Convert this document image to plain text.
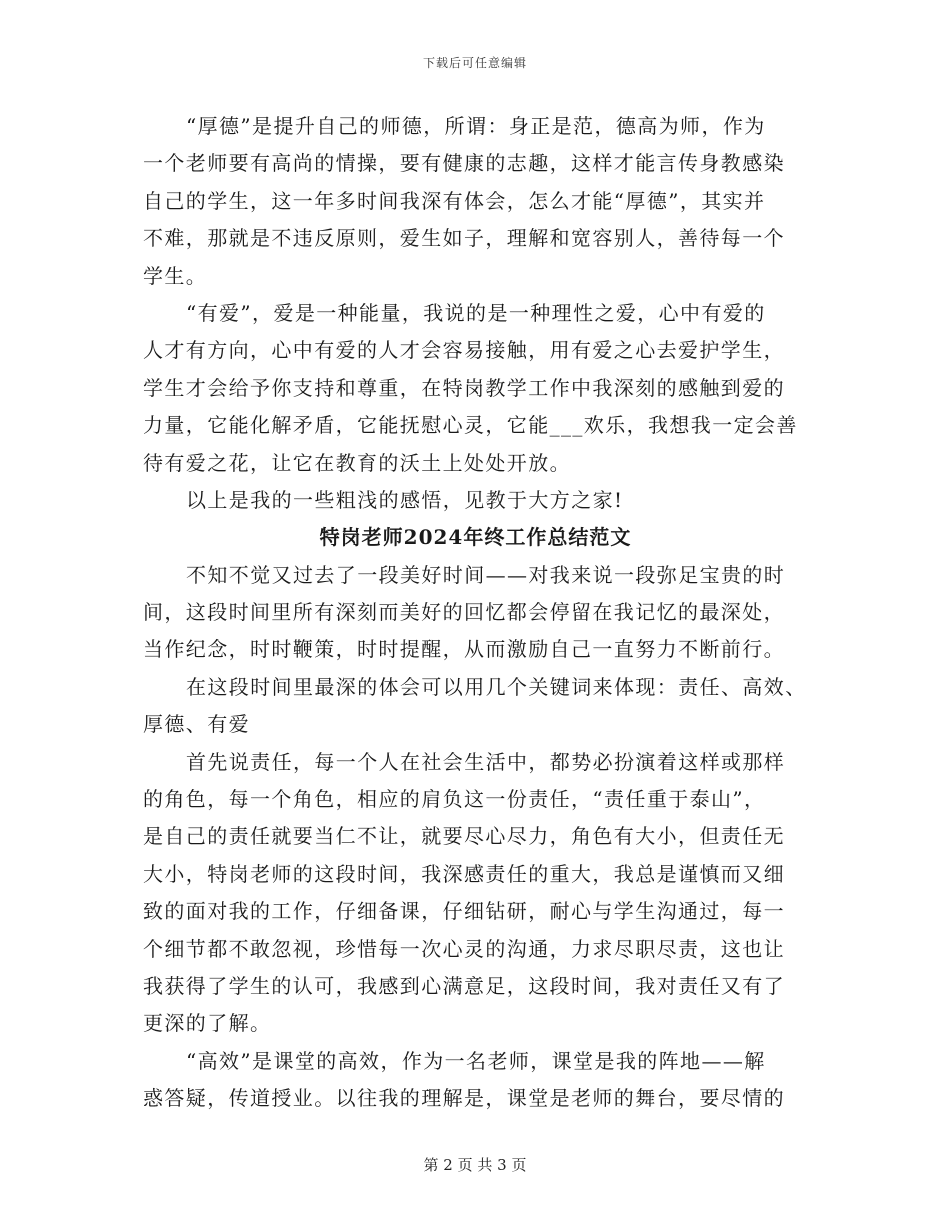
下载后可任意编辑
“厚德”是提升自己的师德，所谓：身正是范，德高为师，作为
一个老师要有高尚的情操，要有健康的志趣，这样才能言传身教感染
自己的学生，这一年多时间我深有体会，怎么才能“厚德”，其实并
不难，那就是不违反原则，爱生如子，理解和宽容别人，善待每一个
学生。
“有爱”，爱是一种能量，我说的是一种理性之爱，心中有爱的
人才有方向，心中有爱的人才会容易接触，用有爱之心去爱护学生，
学生才会给予你支持和尊重，在特岗教学工作中我深刻的感触到爱的
力量，它能化解矛盾，它能抚慰心灵，它能___欢乐，我想我一定会善
待有爱之花，让它在教育的沃土上处处开放。
以上是我的一些粗浅的感悟，见教于大方之家!
特岗老师2024年终工作总结范文
不知不觉又过去了一段美好时间——对我来说一段弥足宝贵的时
间，这段时间里所有深刻而美好的回忆都会停留在我记忆的最深处，
当作纪念，时时鞭策，时时提醒，从而激励自己一直努力不断前行。
在这段时间里最深的体会可以用几个关键词来体现：责任、高效、
厚德、有爱
首先说责任，每一个人在社会生活中，都势必扮演着这样或那样
的角色，每一个角色，相应的肩负这一份责任，“责任重于泰山”，
是自己的责任就要当仁不让，就要尽心尽力，角色有大小，但责任无
大小，特岗老师的这段时间，我深感责任的重大，我总是谨慎而又细
致的面对我的工作，仔细备课，仔细钻研，耐心与学生沟通过，每一
个细节都不敢忽视，珍惜每一次心灵的沟通，力求尽职尽责，这也让
我获得了学生的认可，我感到心满意足，这段时间，我对责任又有了
更深的了解。
“高效”是课堂的高效，作为一名老师，课堂是我的阵地——解
惑答疑，传道授业。以往我的理解是，课堂是老师的舞台，要尽情的
第 2 页 共 3 页
